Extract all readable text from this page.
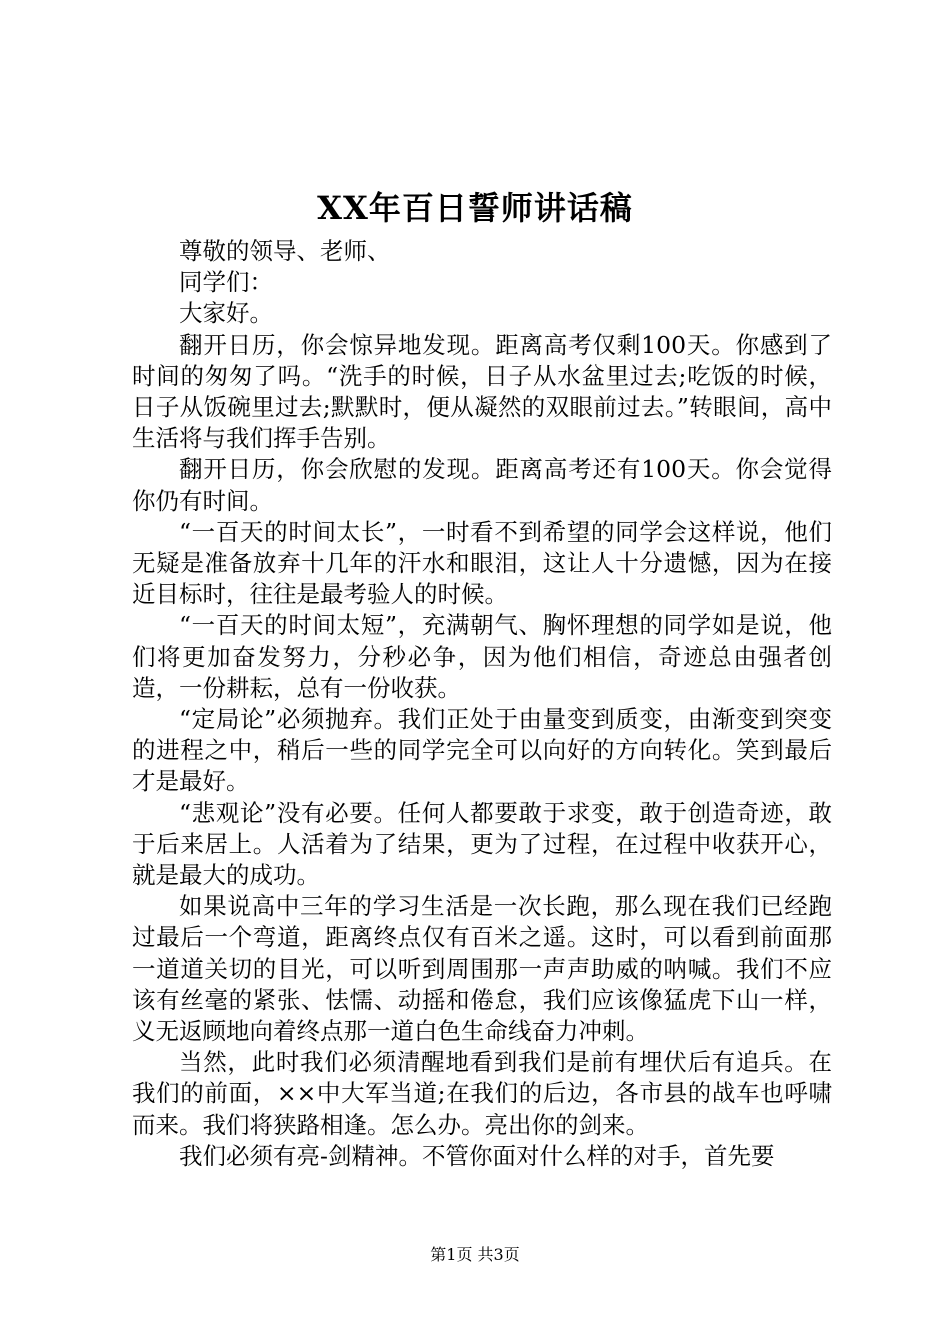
XX年百日誓师讲话稿

尊敬的领导、老师、

同学们：

大家好。

翻开日历，你会惊异地发现。距离高考仅剩100天。你感到了时间的匆匆了吗。“洗手的时候，日子从水盆里过去;吃饭的时候，日子从饭碗里过去;默默时，便从凝然的双眼前过去。”转眼间，高中生活将与我们挥手告别。

翻开日历，你会欣慰的发现。距离高考还有100天。你会觉得你仍有时间。

“一百天的时间太长”，一时看不到希望的同学会这样说，他们无疑是准备放弃十几年的汗水和眼泪，这让人十分遗憾，因为在接近目标时，往往是最考验人的时候。

“一百天的时间太短”，充满朝气、胸怀理想的同学如是说，他们将更加奋发努力，分秒必争，因为他们相信，奇迹总由强者创造，一份耕耘，总有一份收获。

“定局论”必须抛弃。我们正处于由量变到质变，由渐变到突变的进程之中，稍后一些的同学完全可以向好的方向转化。笑到最后才是最好。

“悲观论”没有必要。任何人都要敢于求变，敢于创造奇迹，敢于后来居上。人活着为了结果，更为了过程，在过程中收获开心，就是最大的成功。

如果说高中三年的学习生活是一次长跑，那么现在我们已经跑过最后一个弯道，距离终点仅有百米之遥。这时，可以看到前面那一道道关切的目光，可以听到周围那一声声助威的呐喊。我们不应该有丝毫的紧张、怯懦、动摇和倦怠，我们应该像猛虎下山一样，义无返顾地向着终点那一道白色生命线奋力冲刺。

当然，此时我们必须清醒地看到我们是前有埋伏后有追兵。在我们的前面，××中大军当道;在我们的后边，各市县的战车也呼啸而来。我们将狭路相逢。怎么办。亮出你的剑来。

我们必须有亮-剑精神。不管你面对什么样的对手，首先要

第1页 共3页
